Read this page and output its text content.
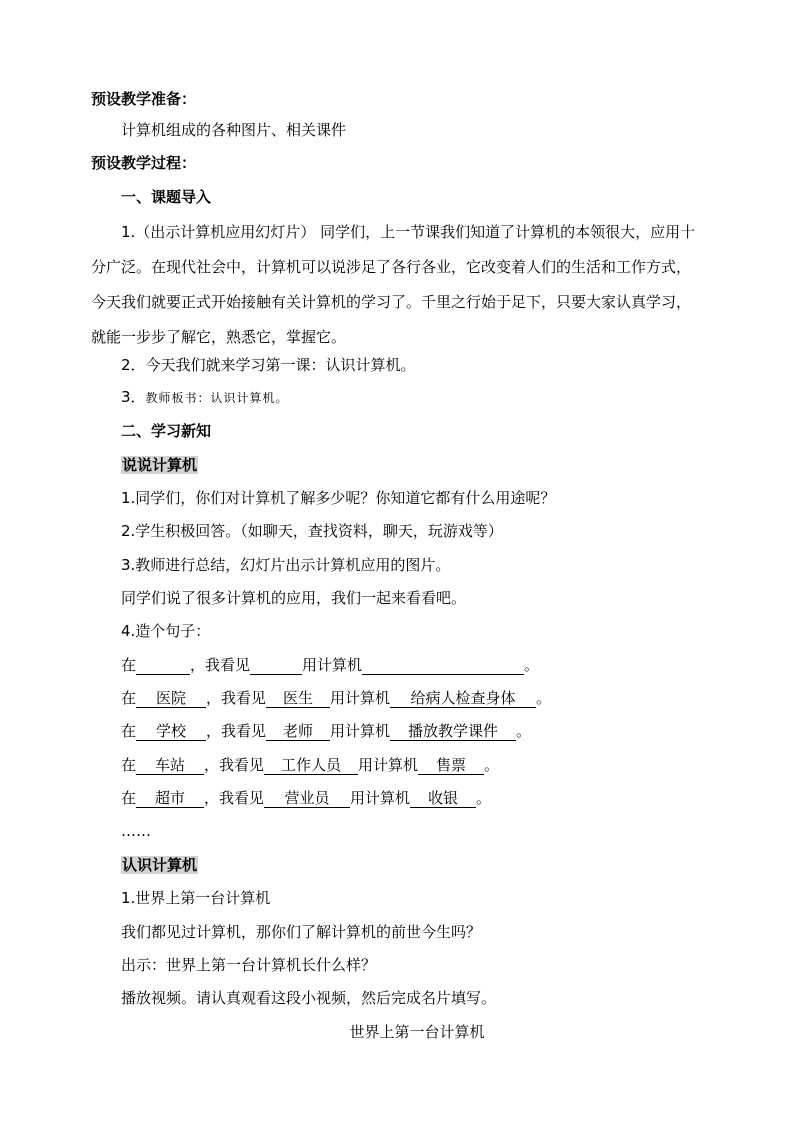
预设教学准备：
计算机组成的各种图片、相关课件
预设教学过程：
一、课题导入
1.（出示计算机应用幻灯片） 同学们，上一节课我们知道了计算机的本领很大，应用十分广泛。在现代社会中，计算机可以说涉足了各行各业，它改变着人们的生活和工作方式，今天我们就要正式开始接触有关计算机的学习了。千里之行始于足下，只要大家认真学习，就能一步步了解它，熟悉它，掌握它。
2．今天我们就来学习第一课：认识计算机。
3．教师板书：认识计算机。
二、学习新知
说说计算机
1.同学们，你们对计算机了解多少呢？你知道它都有什么用途呢？
2.学生积极回答。（如聊天，查找资料，聊天，玩游戏等）
3.教师进行总结，幻灯片出示计算机应用的图片。
同学们说了很多计算机的应用，我们一起来看看吧。
4.造个句子：
在	，我看见	用计算机	。
在 医院 ，我看见 医生 用计算机 给病人检查身体 。
在 学校 ，我看见 老师 用计算机 播放教学课件 。
在 车站 ，我看见 工作人员 用计算机 售票 。
在 超市 ，我看见 营业员 用计算机 收银 。
……
认识计算机
1.世界上第一台计算机
我们都见过计算机，那你们了解计算机的前世今生吗？
出示：世界上第一台计算机长什么样？
播放视频。请认真观看这段小视频，然后完成名片填写。
世界上第一台计算机
